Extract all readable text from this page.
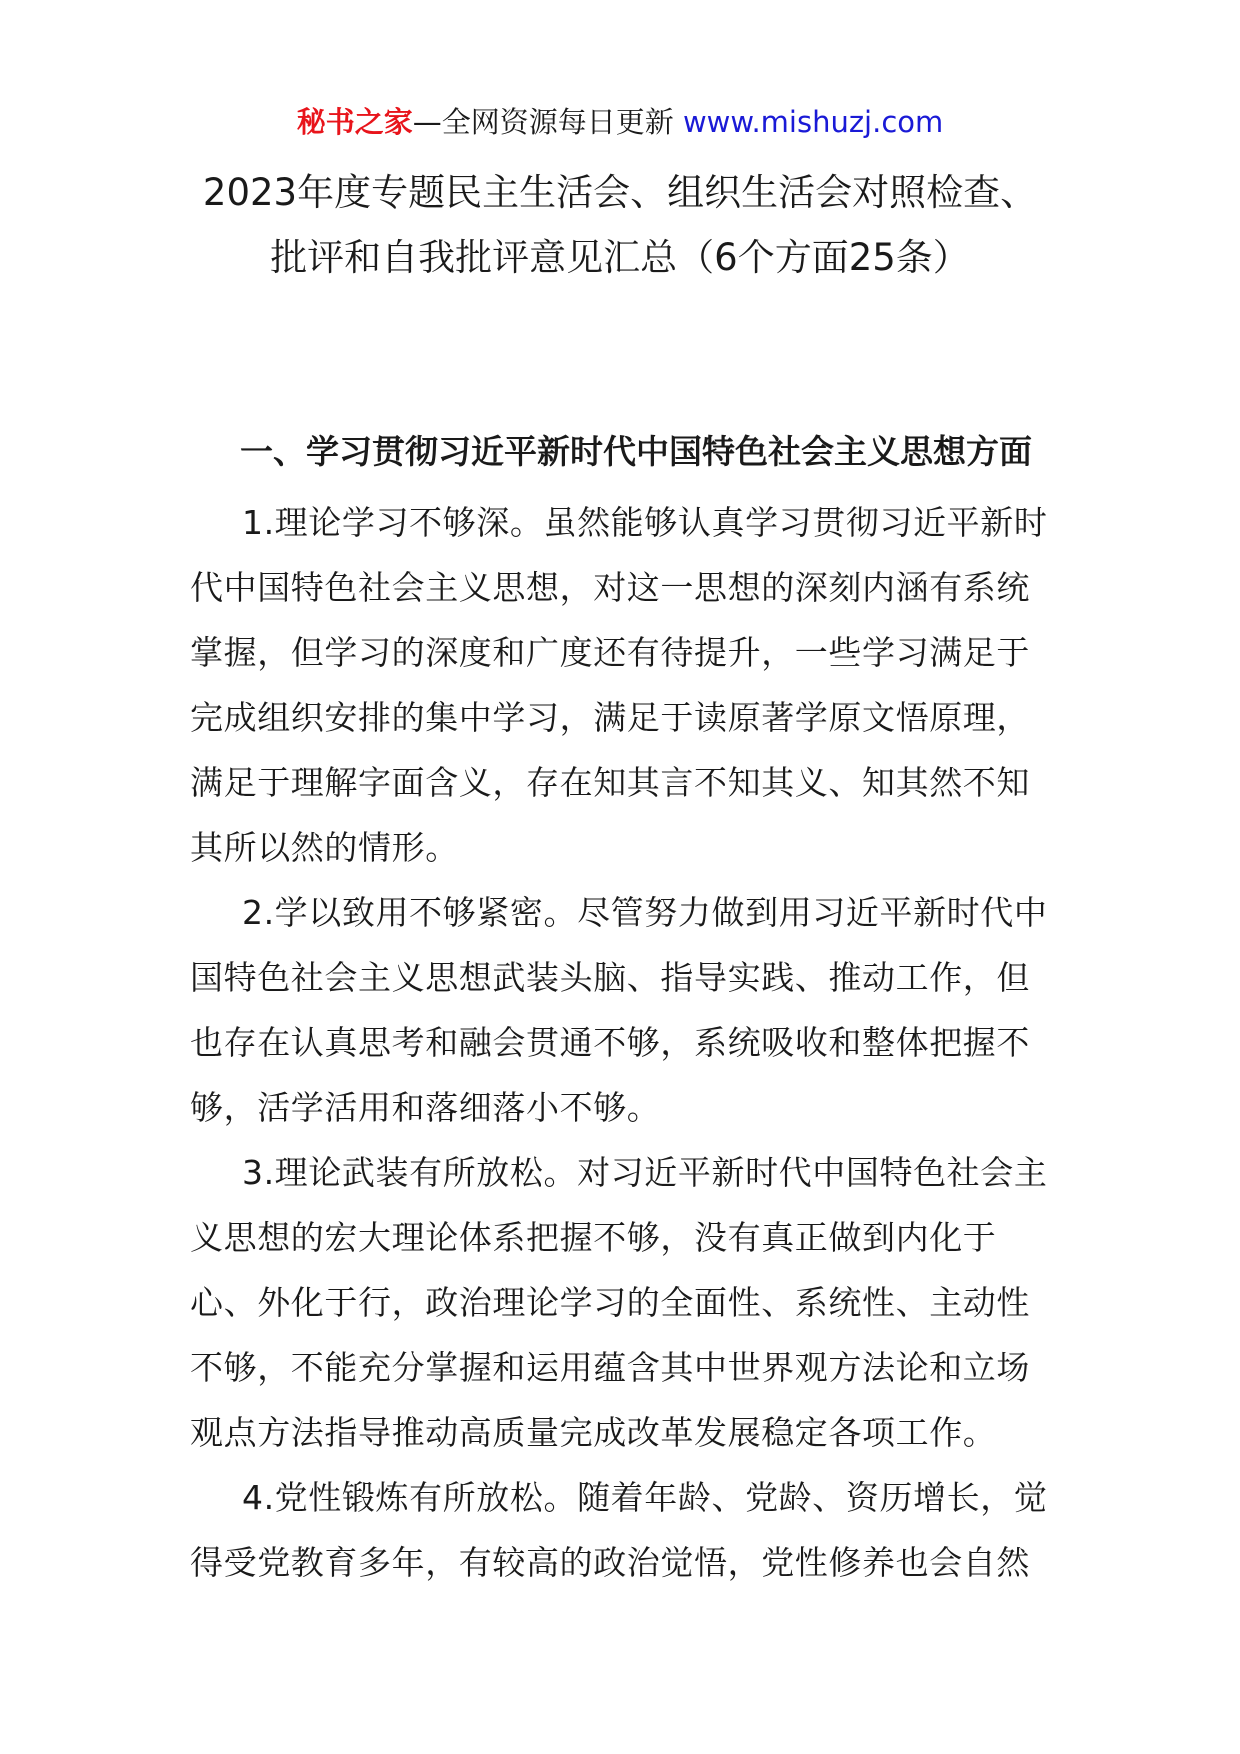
秘书之家—全网资源每日更新 www.mishuzj.com
2023年度专题民主生活会、组织生活会对照检查、批评和自我批评意见汇总（6个方面25条）
一、学习贯彻习近平新时代中国特色社会主义思想方面

1.理论学习不够深。虽然能够认真学习贯彻习近平新时代中国特色社会主义思想，对这一思想的深刻内涵有系统掌握，但学习的深度和广度还有待提升，一些学习满足于完成组织安排的集中学习，满足于读原著学原文悟原理，满足于理解字面含义，存在知其言不知其义、知其然不知其所以然的情形。

2.学以致用不够紧密。尽管努力做到用习近平新时代中国特色社会主义思想武装头脑、指导实践、推动工作，但也存在认真思考和融会贯通不够，系统吸收和整体把握不够，活学活用和落细落小不够。

3.理论武装有所放松。对习近平新时代中国特色社会主义思想的宏大理论体系把握不够，没有真正做到内化于心、外化于行，政治理论学习的全面性、系统性、主动性不够，不能充分掌握和运用蕴含其中世界观方法论和立场观点方法指导推动高质量完成改革发展稳定各项工作。

4.党性锻炼有所放松。随着年龄、党龄、资历增长，觉得受党教育多年，有较高的政治觉悟，党性修养也会自然
